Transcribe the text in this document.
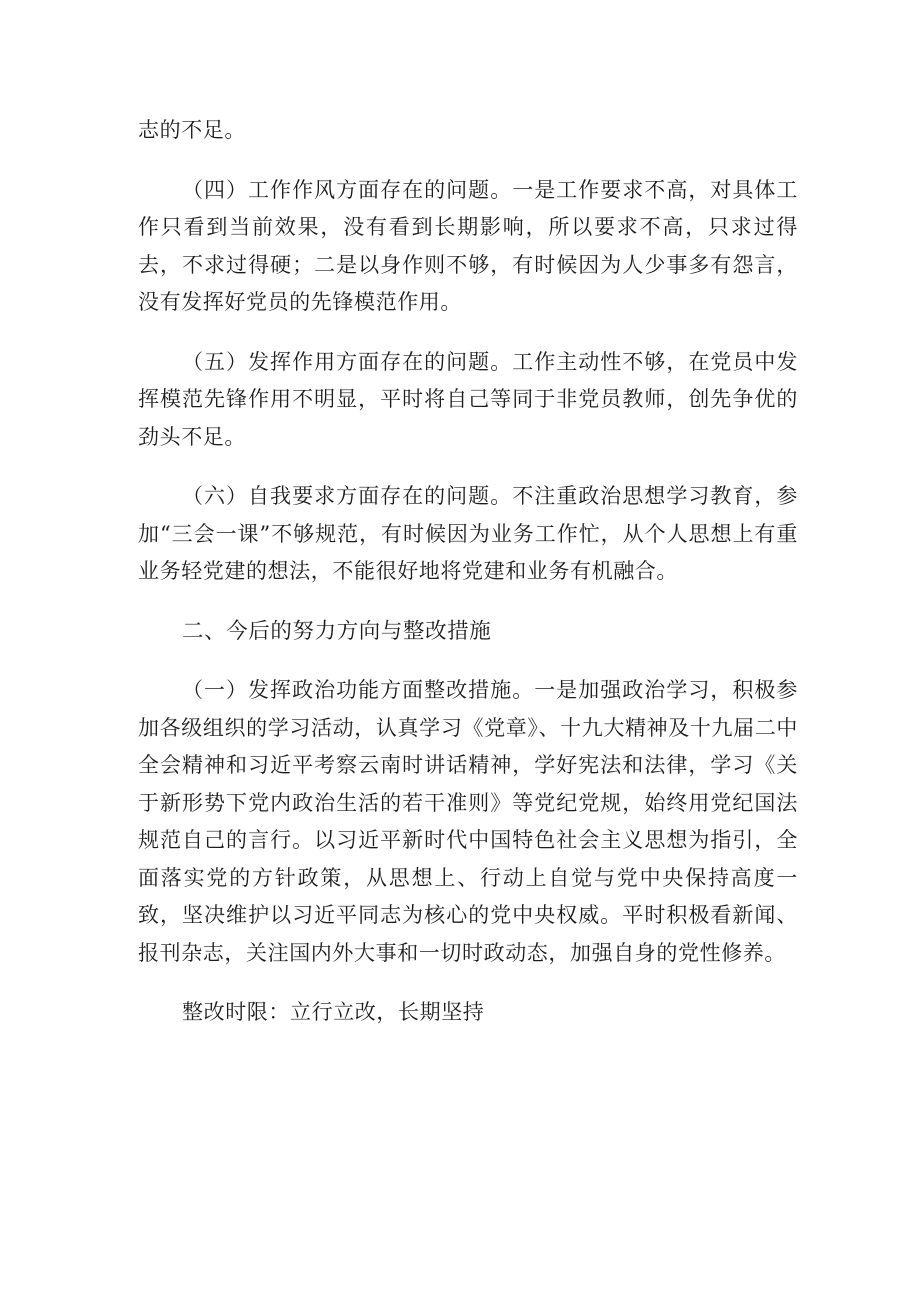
志的不足。

（四）工作作风方面存在的问题。一是工作要求不高，对具体工作只看到当前效果，没有看到长期影响，所以要求不高，只求过得去，不求过得硬；二是以身作则不够，有时候因为人少事多有怨言，没有发挥好党员的先锋模范作用。

（五）发挥作用方面存在的问题。工作主动性不够，在党员中发挥模范先锋作用不明显，平时将自己等同于非党员教师，创先争优的劲头不足。

（六）自我要求方面存在的问题。不注重政治思想学习教育，参加“三会一课”不够规范，有时候因为业务工作忙，从个人思想上有重业务轻党建的想法，不能很好地将党建和业务有机融合。

二、今后的努力方向与整改措施

（一）发挥政治功能方面整改措施。一是加强政治学习，积极参加各级组织的学习活动，认真学习《党章》、十九大精神及十九届二中全会精神和习近平考察云南时讲话精神，学好宪法和法律，学习《关于新形势下党内政治生活的若干准则》等党纪党规，始终用党纪国法规范自己的言行。以习近平新时代中国特色社会主义思想为指引，全面落实党的方针政策，从思想上、行动上自觉与党中央保持高度一致，坚决维护以习近平同志为核心的党中央权威。平时积极看新闻、报刊杂志，关注国内外大事和一切时政动态，加强自身的党性修养。

整改时限：立行立改，长期坚持
